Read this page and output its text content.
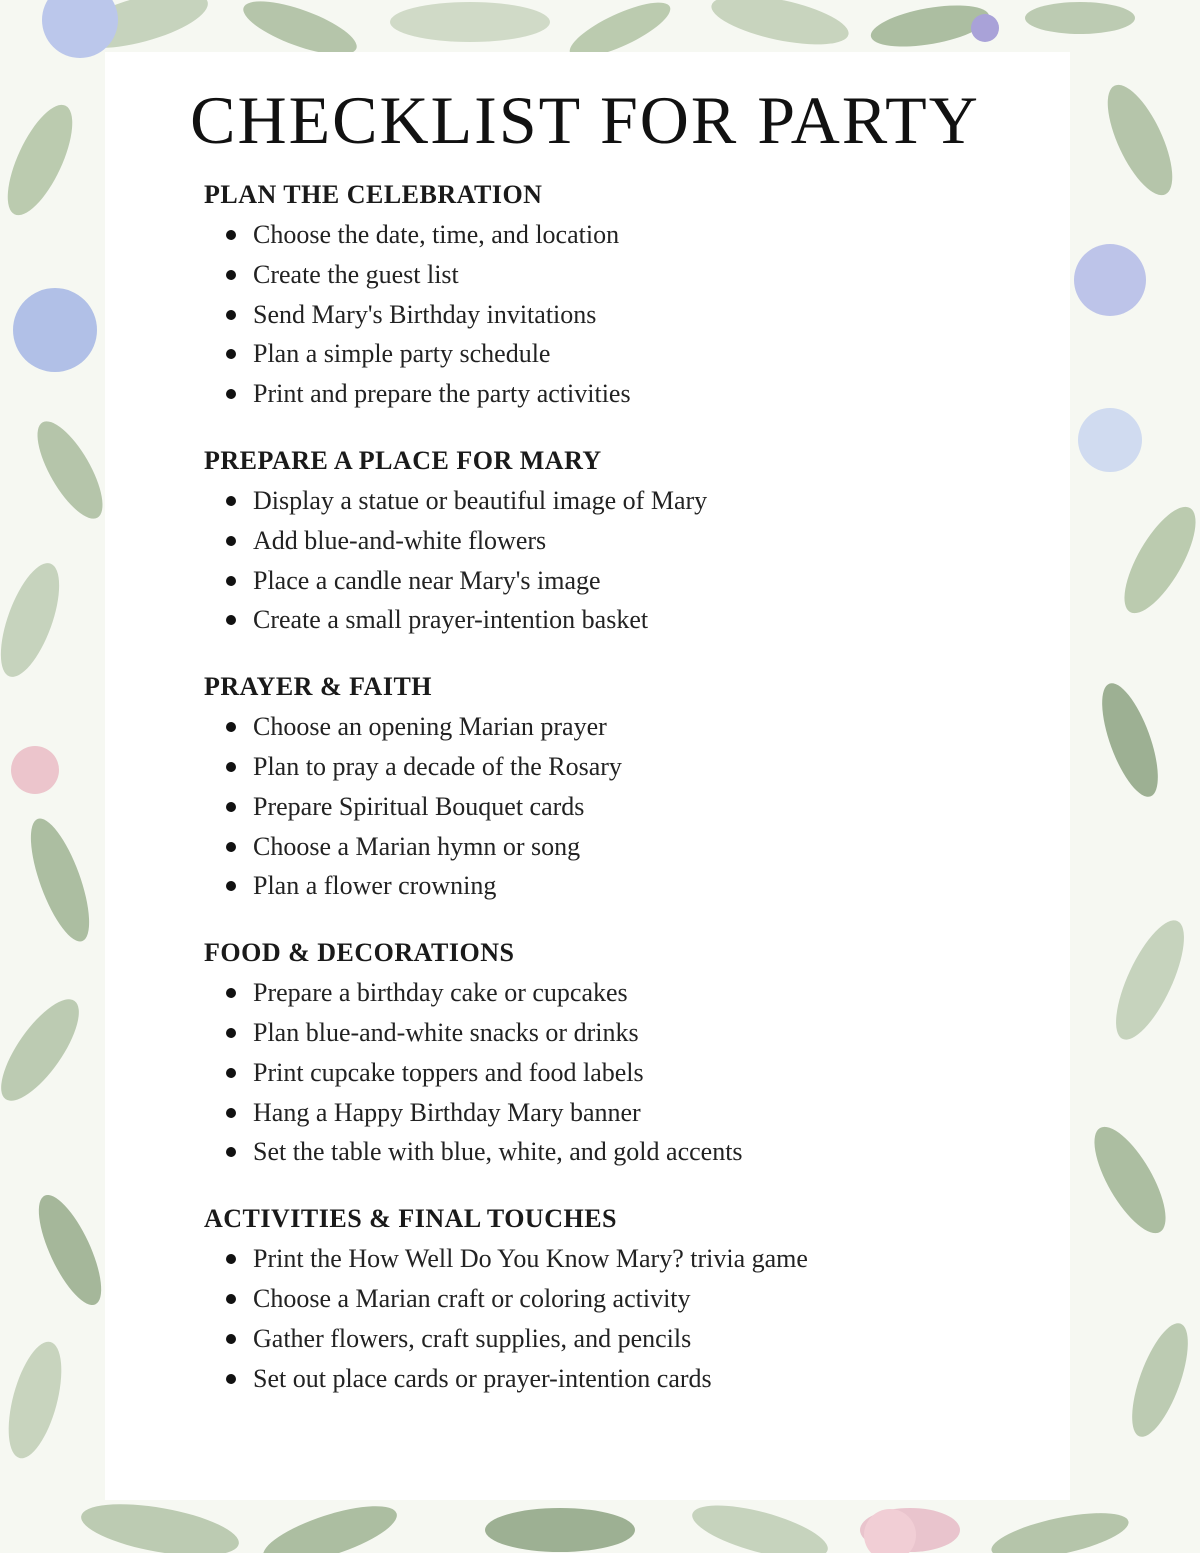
CHECKLIST FOR PARTY
PLAN THE CELEBRATION
Choose the date, time, and location
Create the guest list
Send Mary's Birthday invitations
Plan a simple party schedule
Print and prepare the party activities
PREPARE A PLACE FOR MARY
Display a statue or beautiful image of Mary
Add blue-and-white flowers
Place a candle near Mary's image
Create a small prayer-intention basket
PRAYER & FAITH
Choose an opening Marian prayer
Plan to pray a decade of the Rosary
Prepare Spiritual Bouquet cards
Choose a Marian hymn or song
Plan a flower crowning
FOOD & DECORATIONS
Prepare a birthday cake or cupcakes
Plan blue-and-white snacks or drinks
Print cupcake toppers and food labels
Hang a Happy Birthday Mary banner
Set the table with blue, white, and gold accents
ACTIVITIES & FINAL TOUCHES
Print the How Well Do You Know Mary? trivia game
Choose a Marian craft or coloring activity
Gather flowers, craft supplies, and pencils
Set out place cards or prayer-intention cards
